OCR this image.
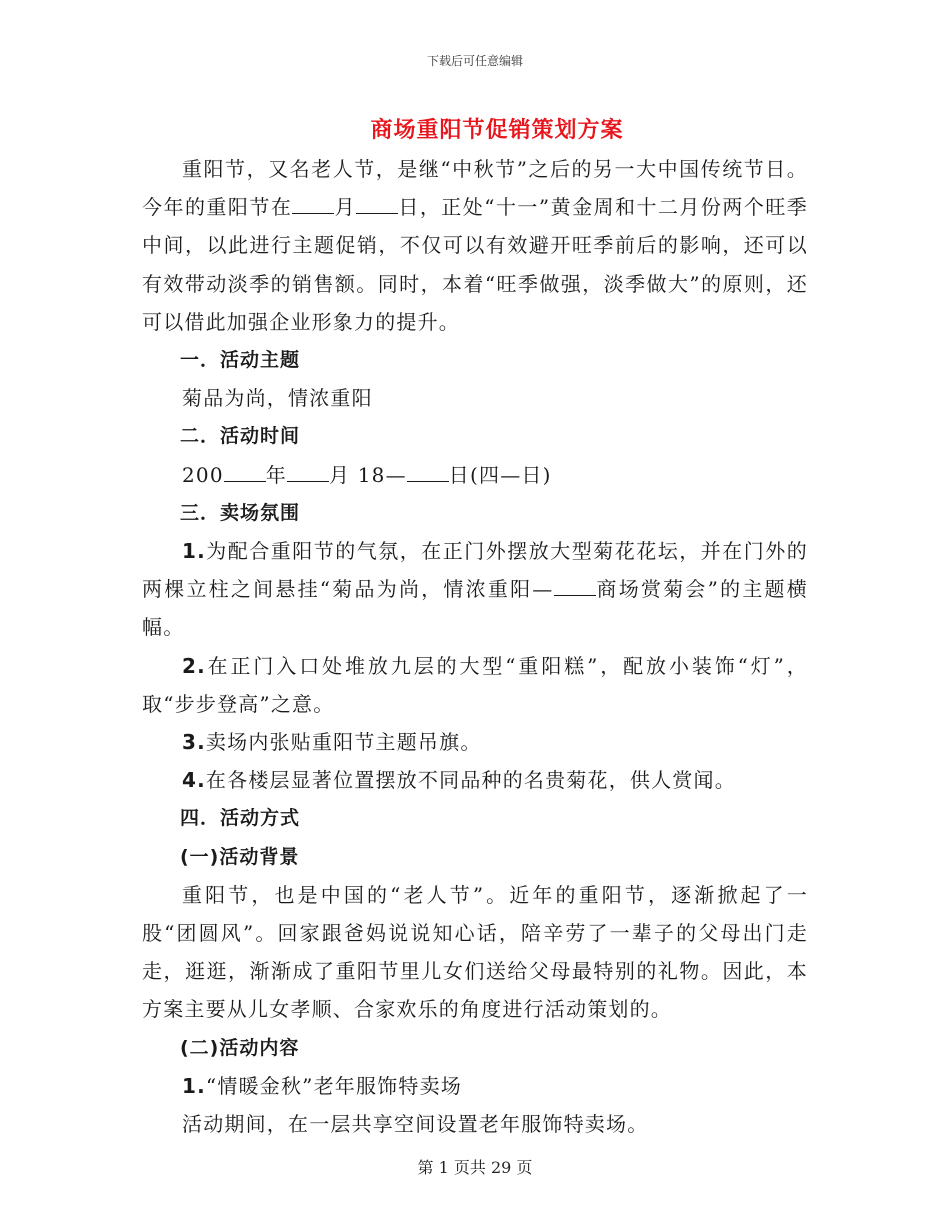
下载后可任意编辑
商场重阳节促销策划方案

重阳节，又名老人节，是继“中秋节”之后的另一大中国传统节日。今年的重阳节在 月 日，正处“十一”黄金周和十二月份两个旺季中间，以此进行主题促销，不仅可以有效避开旺季前后的影响，还可以有效带动淡季的销售额。同时，本着“旺季做强，淡季做大”的原则，还可以借此加强企业形象力的提升。

一．活动主题

菊品为尚，情浓重阳

二．活动时间

200 年 月 18— 日(四—日)

三．卖场氛围

1.为配合重阳节的气氛，在正门外摆放大型菊花花坛，并在门外的两棵立柱之间悬挂“菊品为尚，情浓重阳— 商场赏菊会”的主题横幅。

2.在正门入口处堆放九层的大型“重阳糕”，配放小装饰“灯”，取“步步登高”之意。

3.卖场内张贴重阳节主题吊旗。

4.在各楼层显著位置摆放不同品种的名贵菊花，供人赏闻。

四．活动方式

(一)活动背景

重阳节，也是中国的“老人节”。近年的重阳节，逐渐掀起了一股“团圆风”。回家跟爸妈说说知心话，陪辛劳了一辈子的父母出门走走，逛逛，渐渐成了重阳节里儿女们送给父母最特别的礼物。因此，本方案主要从儿女孝顺、合家欢乐的角度进行活动策划的。

(二)活动内容

1.“情暖金秋”老年服饰特卖场

活动期间，在一层共享空间设置老年服饰特卖场。

第 1 页共 29 页
